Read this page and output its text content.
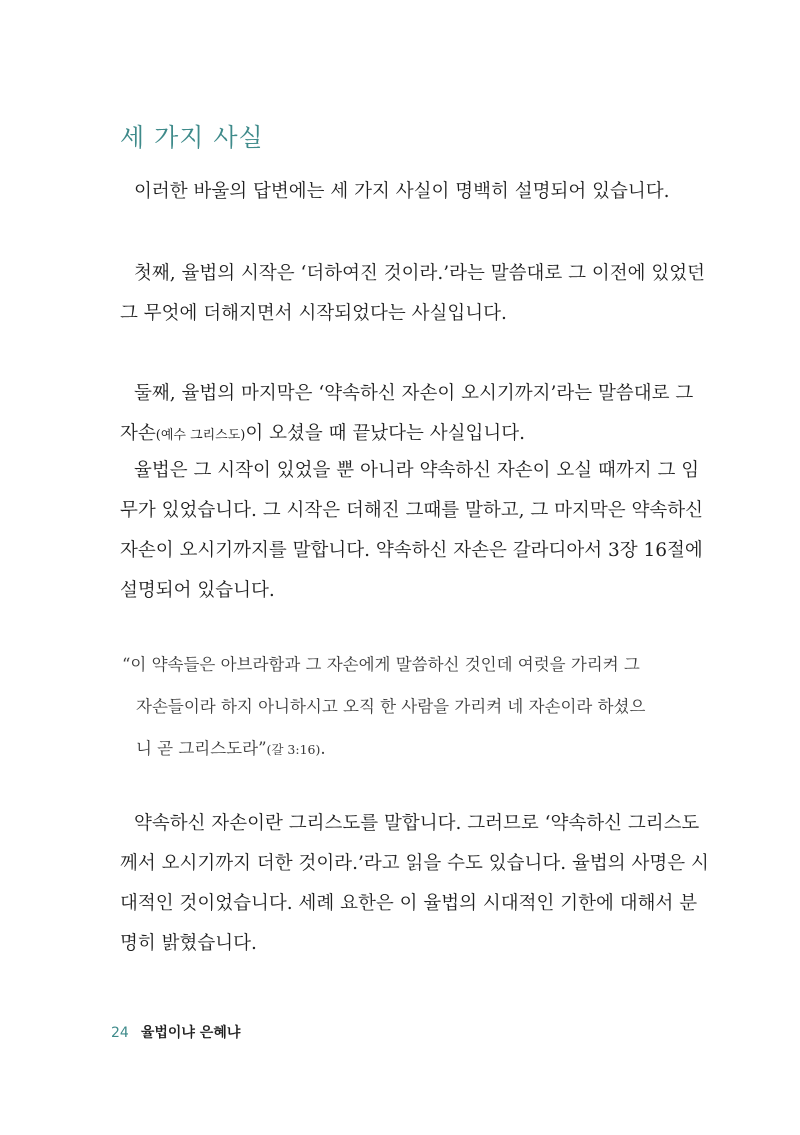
세 가지 사실

이러한 바울의 답변에는 세 가지 사실이 명백히 설명되어 있습니다.

첫째, 율법의 시작은 ‘더하여진 것이라.’라는 말씀대로 그 이전에 있었던
그 무엇에 더해지면서 시작되었다는 사실입니다.

둘째, 율법의 마지막은 ‘약속하신 자손이 오시기까지’라는 말씀대로 그
자손(예수 그리스도)이 오셨을 때 끝났다는 사실입니다.

율법은 그 시작이 있었을 뿐 아니라 약속하신 자손이 오실 때까지 그 임
무가 있었습니다. 그 시작은 더해진 그때를 말하고, 그 마지막은 약속하신
자손이 오시기까지를 말합니다. 약속하신 자손은 갈라디아서 3장 16절에
설명되어 있습니다.

“이 약속들은 아브라함과 그 자손에게 말씀하신 것인데 여럿을 가리켜 그
자손들이라 하지 아니하시고 오직 한 사람을 가리켜 네 자손이라 하셨으
니 곧 그리스도라”(갈 3:16).

약속하신 자손이란 그리스도를 말합니다. 그러므로 ‘약속하신 그리스도
께서 오시기까지 더한 것이라.’라고 읽을 수도 있습니다. 율법의 사명은 시
대적인 것이었습니다. 세례 요한은 이 율법의 시대적인 기한에 대해서 분
명히 밝혔습니다.

24 율법이냐 은혜냐
